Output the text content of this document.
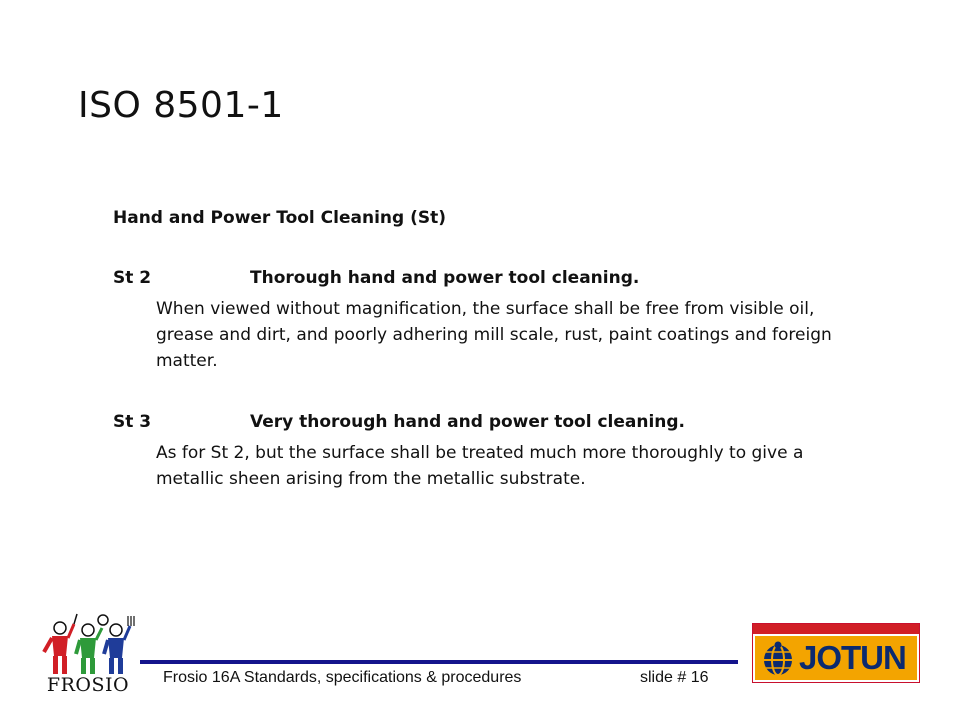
ISO 8501-1
Hand and Power Tool Cleaning (St)
St 2	Thorough hand and power tool cleaning.
When viewed without magnification, the surface shall be free from visible oil, grease and dirt, and poorly adhering mill scale, rust, paint coatings and foreign matter.
St 3	Very thorough hand and power tool cleaning.
As for St 2, but the surface shall be treated much more thoroughly to give a metallic sheen arising from the metallic substrate.
FROSIO	Frosio 16A Standards, specifications & procedures	slide # 16
JOTUN
